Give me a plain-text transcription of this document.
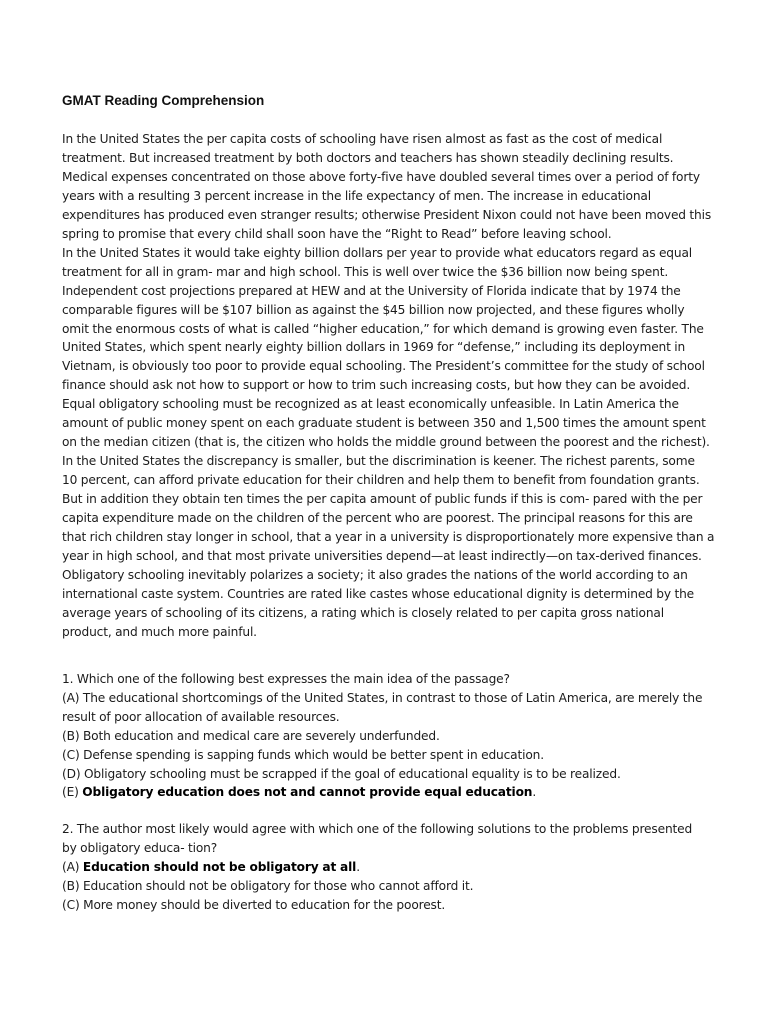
GMAT Reading Comprehension

In the United States the per capita costs of schooling have risen almost as fast as the cost of medical
treatment. But increased treatment by both doctors and teachers has shown steadily declining results.
Medical expenses concentrated on those above forty-five have doubled several times over a period of forty
years with a resulting 3 percent increase in the life expectancy of men. The increase in educational
expenditures has produced even stranger results; otherwise President Nixon could not have been moved this
spring to promise that every child shall soon have the “Right to Read” before leaving school.
In the United States it would take eighty billion dollars per year to provide what educators regard as equal
treatment for all in gram- mar and high school. This is well over twice the $36 billion now being spent.
Independent cost projections prepared at HEW and at the University of Florida indicate that by 1974 the
comparable figures will be $107 billion as against the $45 billion now projected, and these figures wholly
omit the enormous costs of what is called “higher education,” for which demand is growing even faster. The
United States, which spent nearly eighty billion dollars in 1969 for “defense,” including its deployment in
Vietnam, is obviously too poor to provide equal schooling. The President’s committee for the study of school
finance should ask not how to support or how to trim such increasing costs, but how they can be avoided.
Equal obligatory schooling must be recognized as at least economically unfeasible. In Latin America the
amount of public money spent on each graduate student is between 350 and 1,500 times the amount spent
on the median citizen (that is, the citizen who holds the middle ground between the poorest and the richest).
In the United States the discrepancy is smaller, but the discrimination is keener. The richest parents, some
10 percent, can afford private education for their children and help them to benefit from foundation grants.
But in addition they obtain ten times the per capita amount of public funds if this is com- pared with the per
capita expenditure made on the children of the percent who are poorest. The principal reasons for this are
that rich children stay longer in school, that a year in a university is disproportionately more expensive than a
year in high school, and that most private universities depend—at least indirectly—on tax-derived finances.
Obligatory schooling inevitably polarizes a society; it also grades the nations of the world according to an
international caste system. Countries are rated like castes whose educational dignity is determined by the
average years of schooling of its citizens, a rating which is closely related to per capita gross national
product, and much more painful.

1. Which one of the following best expresses the main idea of the passage?
(A) The educational shortcomings of the United States, in contrast to those of Latin America, are merely the
result of poor allocation of available resources.
(B) Both education and medical care are severely underfunded.
(C) Defense spending is sapping funds which would be better spent in education.
(D) Obligatory schooling must be scrapped if the goal of educational equality is to be realized.
(E) Obligatory education does not and cannot provide equal education.
2. The author most likely would agree with which one of the following solutions to the problems presented
by obligatory educa- tion?
(A) Education should not be obligatory at all.
(B) Education should not be obligatory for those who cannot afford it.
(C) More money should be diverted to education for the poorest.
